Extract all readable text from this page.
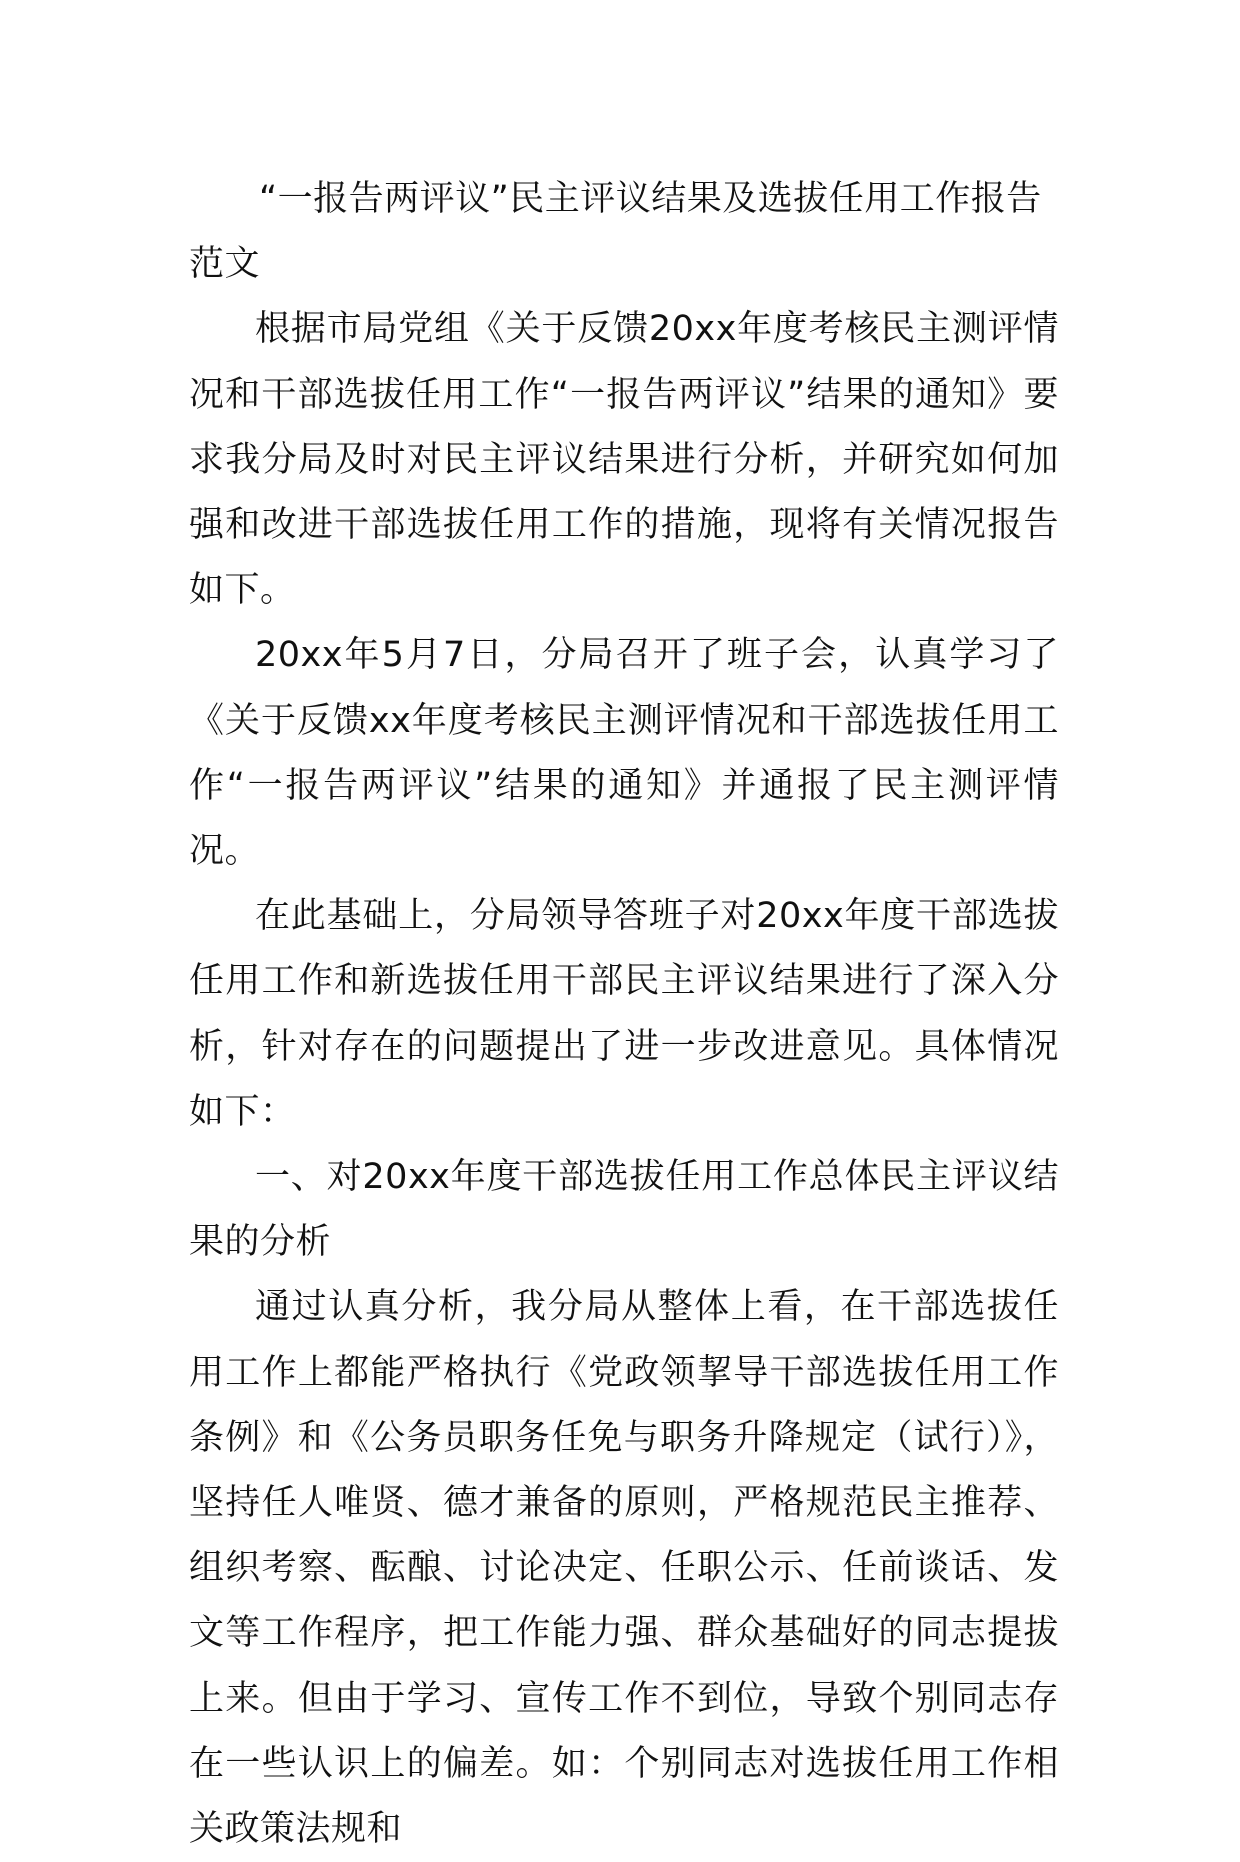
“一报告两评议”民主评议结果及选拔任用工作报告范文

根据市局党组《关于反馈20xx年度考核民主测评情况和干部选拔任用工作“一报告两评议”结果的通知》要求我分局及时对民主评议结果进行分析，并研究如何加强和改进干部选拔任用工作的措施，现将有关情况报告如下。

20xx年5月7日，分局召开了班子会，认真学习了《关于反馈xx年度考核民主测评情况和干部选拔任用工作“一报告两评议”结果的通知》并通报了民主测评情况。

在此基础上，分局领导答班子对20xx年度干部选拔任用工作和新选拔任用干部民主评议结果进行了深入分析，针对存在的问题提出了进一步改进意见。具体情况如下：

一、对20xx年度干部选拔任用工作总体民主评议结果的分析

通过认真分析，我分局从整体上看，在干部选拔任用工作上都能严格执行《党政领挈导干部选拔任用工作条例》和《公务员职务任免与职务升降规定（试行）》，坚持任人唯贤、德才兼备的原则，严格规范民主推荐、组织考察、酝酿、讨论决定、任职公示、任前谈话、发文等工作程序，把工作能力强、群众基础好的同志提拔上来。但由于学习、宣传工作不到位，导致个别同志存在一些认识上的偏差。如：个别同志对选拔任用工作相关政策法规和
